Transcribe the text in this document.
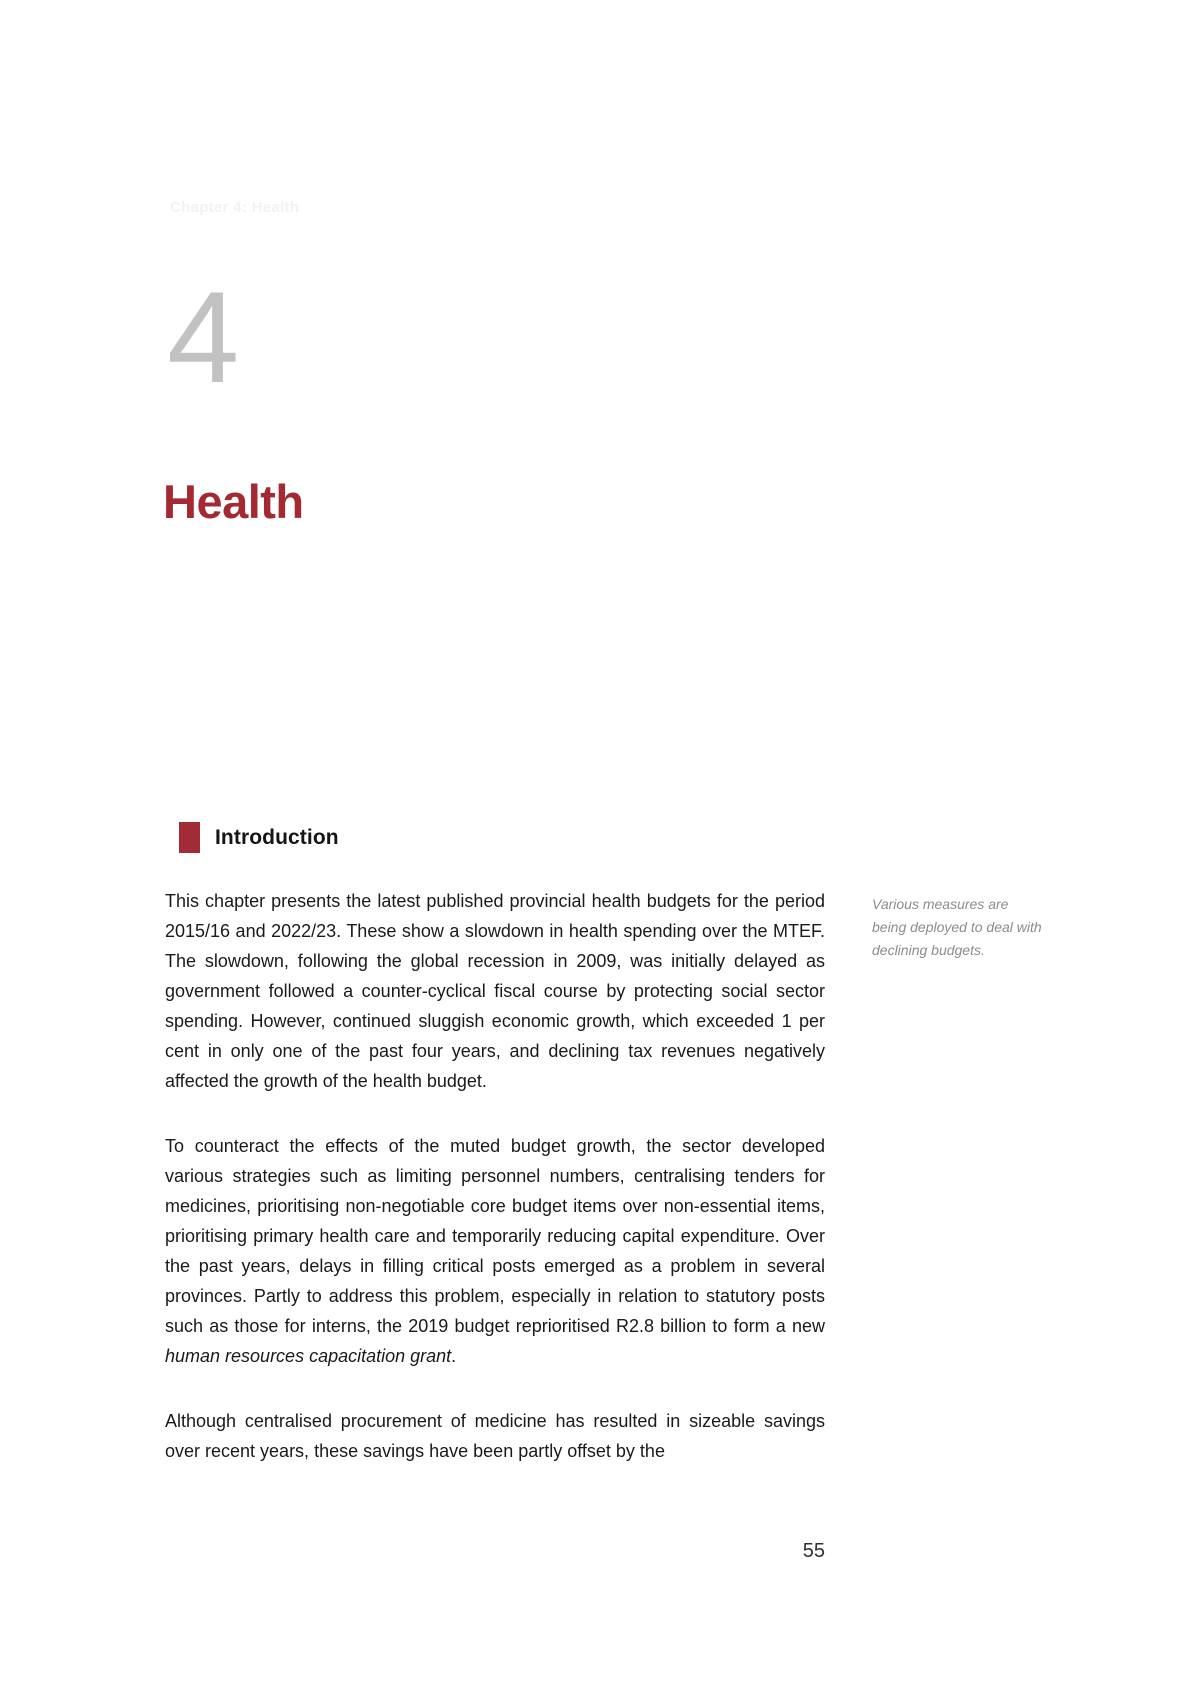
Chapter 4: Health
4
Health
Introduction

This chapter presents the latest published provincial health budgets for the period 2015/16 and 2022/23. These show a slowdown in health spending over the MTEF. The slowdown, following the global recession in 2009, was initially delayed as government followed a counter-cyclical fiscal course by protecting social sector spending. However, continued sluggish economic growth, which exceeded 1 per cent in only one of the past four years, and declining tax revenues negatively affected the growth of the health budget.

To counteract the effects of the muted budget growth, the sector developed various strategies such as limiting personnel numbers, centralising tenders for medicines, prioritising non-negotiable core budget items over non-essential items, prioritising primary health care and temporarily reducing capital expenditure. Over the past years, delays in filling critical posts emerged as a problem in several provinces. Partly to address this problem, especially in relation to statutory posts such as those for interns, the 2019 budget reprioritised R2.8 billion to form a new human resources capacitation grant.

Although centralised procurement of medicine has resulted in sizeable savings over recent years, these savings have been partly offset by the

Various measures are being deployed to deal with declining budgets.

55
